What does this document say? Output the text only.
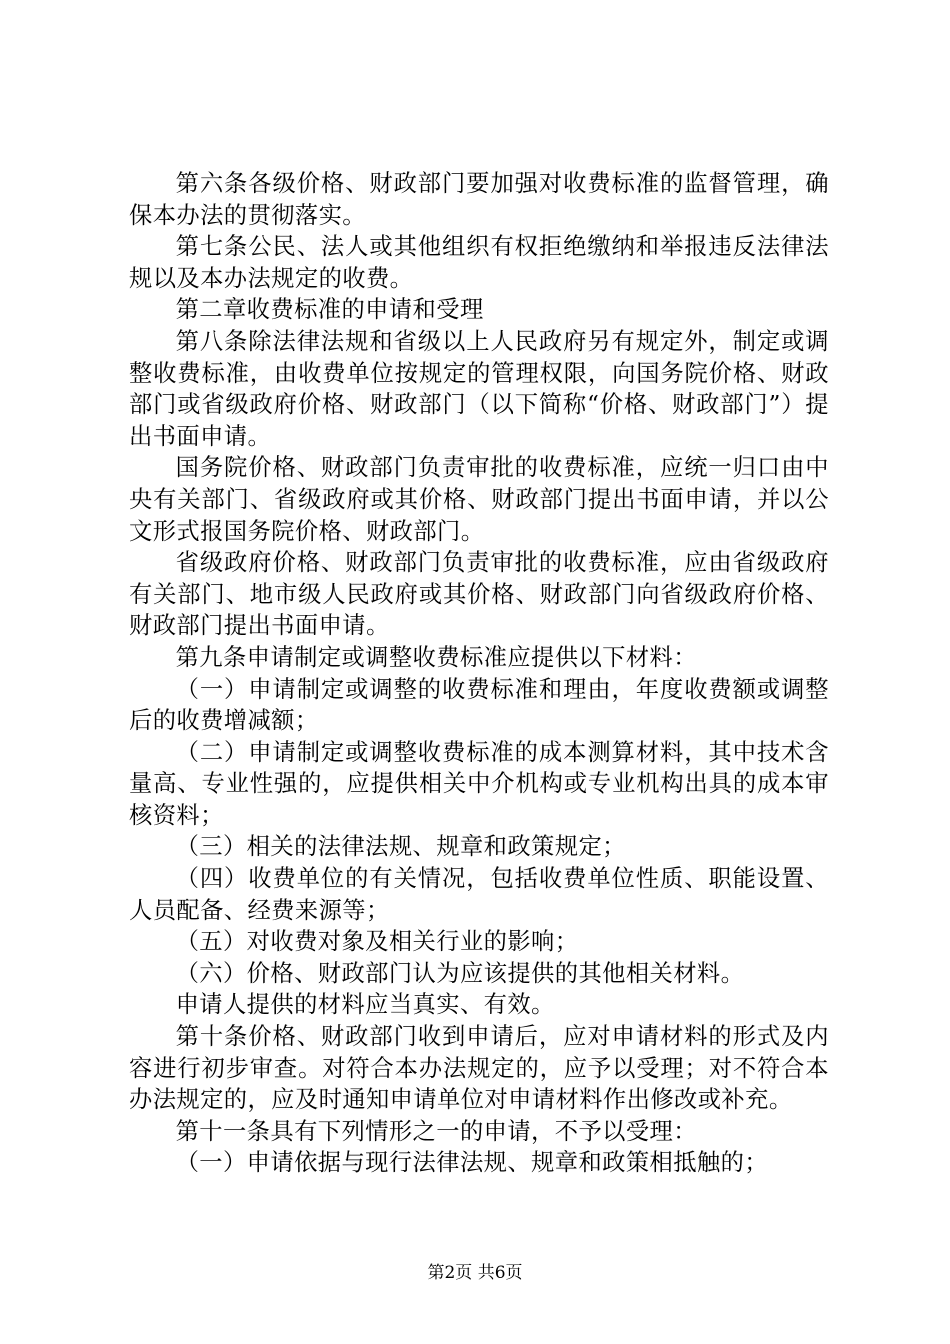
第六条各级价格、财政部门要加强对收费标准的监督管理，确保本办法的贯彻落实。

第七条公民、法人或其他组织有权拒绝缴纳和举报违反法律法规以及本办法规定的收费。

第二章收费标准的申请和受理

第八条除法律法规和省级以上人民政府另有规定外，制定或调整收费标准，由收费单位按规定的管理权限，向国务院价格、财政部门或省级政府价格、财政部门（以下简称“价格、财政部门”）提出书面申请。

国务院价格、财政部门负责审批的收费标准，应统一归口由中央有关部门、省级政府或其价格、财政部门提出书面申请，并以公文形式报国务院价格、财政部门。

省级政府价格、财政部门负责审批的收费标准，应由省级政府有关部门、地市级人民政府或其价格、财政部门向省级政府价格、财政部门提出书面申请。

第九条申请制定或调整收费标准应提供以下材料：

（一）申请制定或调整的收费标准和理由，年度收费额或调整后的收费增减额；

（二）申请制定或调整收费标准的成本测算材料，其中技术含量高、专业性强的，应提供相关中介机构或专业机构出具的成本审核资料；

（三）相关的法律法规、规章和政策规定；

（四）收费单位的有关情况，包括收费单位性质、职能设置、人员配备、经费来源等；

（五）对收费对象及相关行业的影响；

（六）价格、财政部门认为应该提供的其他相关材料。

申请人提供的材料应当真实、有效。

第十条价格、财政部门收到申请后，应对申请材料的形式及内容进行初步审查。对符合本办法规定的，应予以受理；对不符合本办法规定的，应及时通知申请单位对申请材料作出修改或补充。

第十一条具有下列情形之一的申请，不予以受理：

（一）申请依据与现行法律法规、规章和政策相抵触的；

第2页 共6页
